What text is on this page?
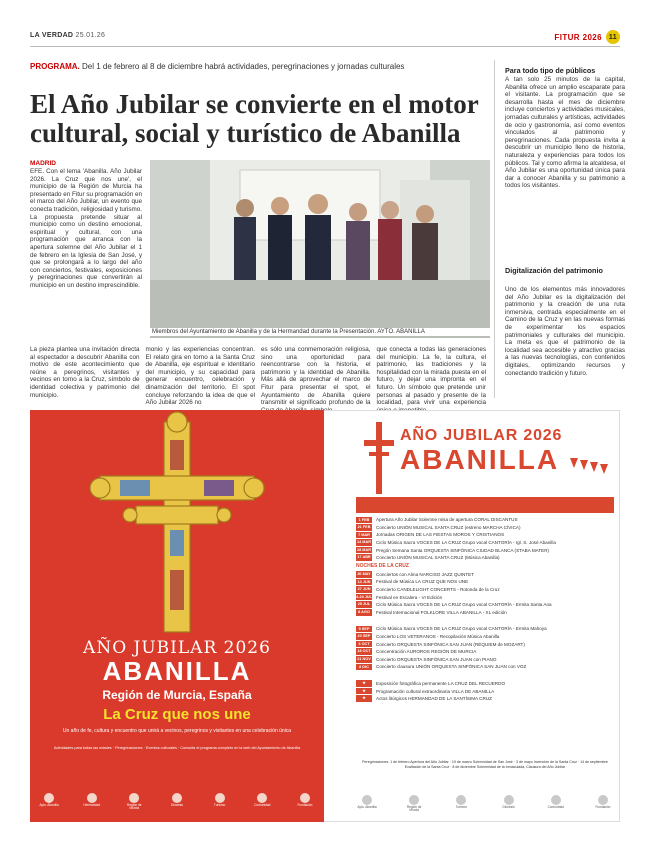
LA VERDAD 25.01.26	FITUR 2026 11
PROGRAMA. Del 1 de febrero al 8 de diciembre habrá actividades, peregrinaciones y jornadas culturales
El Año Jubilar se convierte en el motor cultural, social y turístico de Abanilla
MADRID
EFE. Con el lema 'Abanilla. Año Jubilar 2026. La Cruz que nos une', el municipio de la Región de Murcia ha presentado en Fitur su programación en el marco del Año Jubilar, un evento que conecta tradición, religiosidad y turismo. La propuesta pretende situar al municipio como un destino emocional, espiritual y cultural, con una programación que arranca con la apertura solemne del Año Jubilar el 1 de febrero en la Iglesia de San José, y que se prolongará a lo largo del año con conciertos, festivales, exposiciones y peregrinaciones que convertirán al municipio en un destino imprescindible.
Miembros del Ayuntamiento de Abanilla y de la Hermandad durante la Presentación. AYTO. ABANILLA
La pieza plantea una invitación directa al espectador a descubrir Abanilla con motivo de este acontecimiento que reúne a peregrinos, visitantes y vecinos en torno a la Cruz, símbolo de identidad colectiva y patrimonio del municipio.
monio y las experiencias concentran. El relato gira en torno a la Santa Cruz de Abanilla, eje espiritual e identitario del municipio, y su capacidad para generar encuentro, celebración y dinamización del territorio. El spot concluye reforzando la idea de que el Año Jubilar 2026 no
es sólo una conmemoración religiosa, sino una oportunidad para reencontrarse con la historia, el patrimonio y la identidad de Abanilla. Más allá de aprovechar el marco de Fitur para presentar el spot, el Ayuntamiento de Abanilla quiere transmitir el significado profundo de la
que conecta a todas las generaciones del municipio. La fe, la cultura, el patrimonio, las tradiciones y la hospitalidad con la mirada puesta en el futuro, y dejar una impronta en el futuro. Un símbolo que pretende unir personas al pasado y presente de la localidad, para vivir una experiencia
Para todo tipo de públicos
A tan solo 25 minutos de la capital, Abanilla ofrece un amplio escaparate para el visitante. La programación que se desarrolla hasta el mes de diciembre incluye conciertos y actividades musicales, jornadas culturales y artísticas, actividades de ocio y gastronomía, así como eventos vinculados al patrimonio y peregrinaciones. Cada propuesta invita a descubrir un municipio lleno de historia, naturaleza y experiencias para todos los públicos. Tal y como afirma la alcaldesa, el Año Jubilar es una oportunidad única para dar a conocer Abanilla y su patrimonio a todos los visitantes.
Digitalización del patrimonio
Uno de los elementos más innovadores del Año Jubilar es la digitalización del patrimonio y la creación de una ruta inmersiva, centrada especialmente en el Camino de la Cruz y en las nuevas formas de experimentar los espacios patrimoniales y culturales del municipio. La meta es que el patrimonio de la localidad sea accesible y atractivo gracias a las nuevas tecnologías, con contenidos digitales, optimizando recursos y conectando tradición y futuro.
AÑO JUBILAR 2026
ABANILLA
Región de Murcia, España
La Cruz que nos une
Un año de fe, cultura y encuentro que unirá a vecinos, peregrinos y visitantes en una celebración única
Actividades para todas las edades · Peregrinaciones · Eventos culturales · Consulta el programa completo en la web del Ayuntamiento de Abanilla
Ayto. Abanilla	Hermandad	Región de Murcia
Diócesis	Turismo	Comunidad	Fundación
AÑO JUBILAR 2026
ABANILLA
1 FEB	Apertura Año Jubilar Solemne misa de apertura CORAL DISCANTUS
21 FEB	Concierto UNIÓN MUSICAL SANTA CRUZ (estreno MARCHA CÍVICA)
7 MAR	Jornadas ORIGEN DE LAS FIESTAS MOROS Y CRISTIANOS
14 MAR Ciclo Música Sacra VOCES DE LA CRUZ Grupo vocal CANTORÍA - Igl. S. José Abanilla
28 MAR Pregón Semana Santa ORQUESTA SINFÓNICA CIUDAD BLANCA (STABA MATER)
17 ABR Concierto UNIÓN MUSICAL SANTA CRUZ (Música Abanilla)
NOCHES DE LA CRUZ
30 MAY Conciertos con Alma NARCISO JAZZ QUINTET
13 JUN	Festival de Música LA CRUZ QUE NOS UNE
27 JUN	Concierto CANDLELIGHT CONCERTS - Rotonda de la Cruz
4-24 JUL Festival en Escalera - VI Edición
25 JUL	Ciclo Música Sacra VOCES DE LA CRUZ Grupo vocal CANTORÍA - Ermita Santa Ana
8 AGO	Festival Internacional FOLKLORE VILLA ABANILLA - XL edición
5 SEP	Ciclo Música Sacra VOCES DE LA CRUZ Grupo vocal CANTORÍA - Ermita Mahoya
20 SEP	Concierto LOS VETERANOS - Recopilación Música Abanilla
3 OCT	Concierto ORQUESTA SINFÓNICA SAN JUAN (RÉQUIEM de MOZART)
18 OCT Concentración AUROROS REGIÓN DE MURCIA
21 NOV Concierto ORQUESTA SINFÓNICA SAN JUAN con PIANO
8 DIC	Concierto clausura UNIÓN ORQUESTA SINFÓNICA SAN JUAN con VOZ
★	Exposición fotográfica permanente LA CRUZ DEL RECUERDO
★	Programación cultural extraordinaria VILLA DE ABANILLA
★	Actos litúrgicos HERMANDAD DE LA SANTÍSIMA CRUZ
Peregrinaciones: 1 de febrero Apertura del Año Jubilar · 19 de marzo Solemnidad de San José · 3 de mayo Invención de la Santa Cruz · 14 de septiembre Exaltación de la Santa Cruz · 8 de diciembre Solemnidad de la Inmaculada, Clausura del Año Jubilar
Ayto. Abanilla	Región de Murcia
Turismo	Diócesis	Comunidad	Fundación
